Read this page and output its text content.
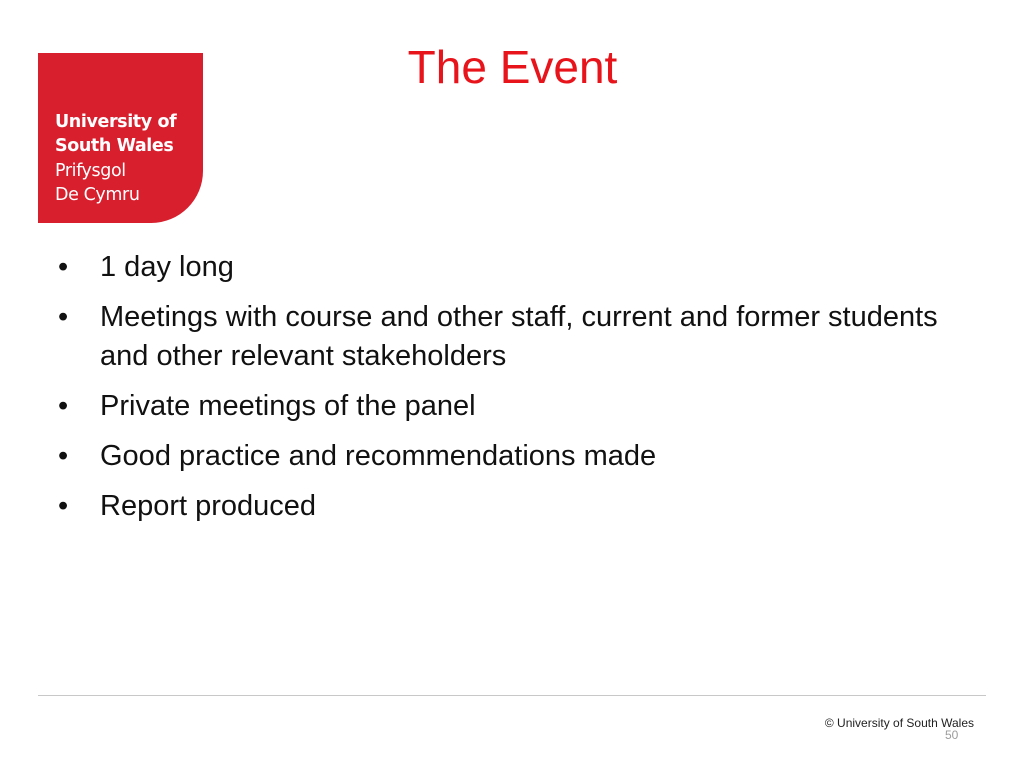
University of
South Wales
Prifysgol
De Cymru
The Event
•	1 day long
•	Meetings with course and other staff, current and former students and other relevant stakeholders
•	Private meetings of the panel
•	Good practice and recommendations made
•	Report produced
© University of South Wales
50
